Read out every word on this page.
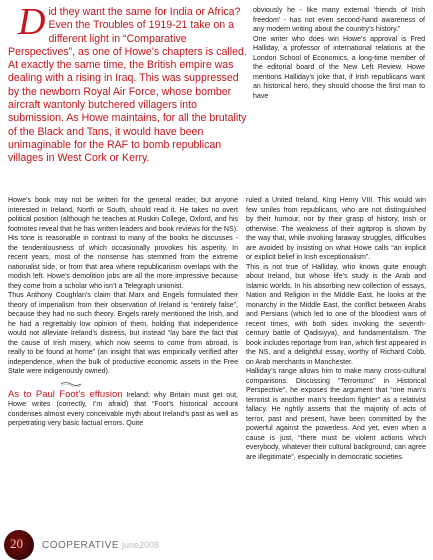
Did they want the same for India or Africa? Even the Troubles of 1919-21 take on a different light in “Comparative Perspectives”, as one of Howe’s chapters is called. At exactly the same time, the British empire was dealing with a rising in Iraq. This was suppressed by the newborn Royal Air Force, whose bomber aircraft wantonly butchered villagers into submission. As Howe maintains, for all the brutality of the Black and Tans, it would have been unimaginable for the RAF to bomb republican villages in West Cork or Kerry.

obviously he - like many external ‘friends of Irish freedom’ - has not even second-hand awareness of any modern writing about the country’s history.”

One writer who does win Howe’s approval is Fred Halliday, a professor of international relations at the London School of Economics, a long-time member of the editorial board of the New Left Review. Howe mentions Halliday’s joke that, if Irish republicans want an historical hero, they should choose the first man to have

Howe’s book may not be written for the general reader, but anyone interested in Ireland, North or South, should read it. He takes no overt political position (although he teaches at Ruskin College, Oxford, and his footnotes reveal that he has written leaders and book reviews for the NS). His tone is reasonable in contrast to many of the books he discusses - the tendentiousness of which occasionally provokes his asperity. In recent years, most of the nonsense has stemmed from the extreme nationalist side, or from that area where republicanism overlaps with the modish left. Howe’s demolition jobs are all the more impressive because they come from a scholar who isn’t a Telegraph unionist.

Thus Anthony Coughlan’s claim that Marx and Engels formulated their theory of imperialism from their observation of Ireland is “entirely false”, because they had no such theory. Engels rarely mentioned the Irish, and he had a regrettably low opinion of them, holding that independence would not alleviate Ireland’s distress, but instead “lay bare the fact that the cause of Irish misery, which now seems to come from abroad, is really to be found at home” (an insight that was empirically verified after independence, when the bulk of productive economic assets in the Free State were indigenously owned).

As to Paul Foot’s effusion Ireland: why Britain must get out, Howe writes (correctly, I’m afraid) that “Foot’s historical account condenses almost every conceivable myth about Ireland’s past as well as perpetrating very basic factual errors. Quite

ruled a United Ireland, King Henry VIII. This would win few smiles from republicans, who are not distinguished by their humour, nor by their grasp of history, Irish or otherwise. The weakness of their agitprop is shown by the way that, while invoking faraway struggles, difficulties are avoided by insisting on what Howe calls “an implicit or explicit belief in Irish exceptionalism”.

This is not true of Halliday, who knows quite enough about Ireland, but whose life’s study is the Arab and Islamic worlds. In his absorbing new collection of essays, Nation and Religion in the Middle East, he looks at the monarchy in the Middle East, the conflict between Arabs and Persians (which led to one of the bloodiest wars of recent times, with both sides invoking the seventh-century battle of Qadisiyya), and fundamentalism. The book includes reportage from Iran, which first appeared in the NS, and a delightful essay, worthy of Richard Cobb, on Arab merchants in Manchester.

Halliday’s range allows him to make many cross-cultural comparisons. Discussing “Terrorisms” in Historical Perspective”, he exposes the argument that “one man’s terrorist is another man’s freedom fighter” as a relativist fallacy. He rightly asserts that the majority of acts of terror, past and present, have been committed by the powerful against the powerless. And yet, even when a cause is just, “there must be violent actions which everybody, whatever their cultural background, can agree are illegitimate”, especially in democratic societies.

20 COOPERATIVE june2008
